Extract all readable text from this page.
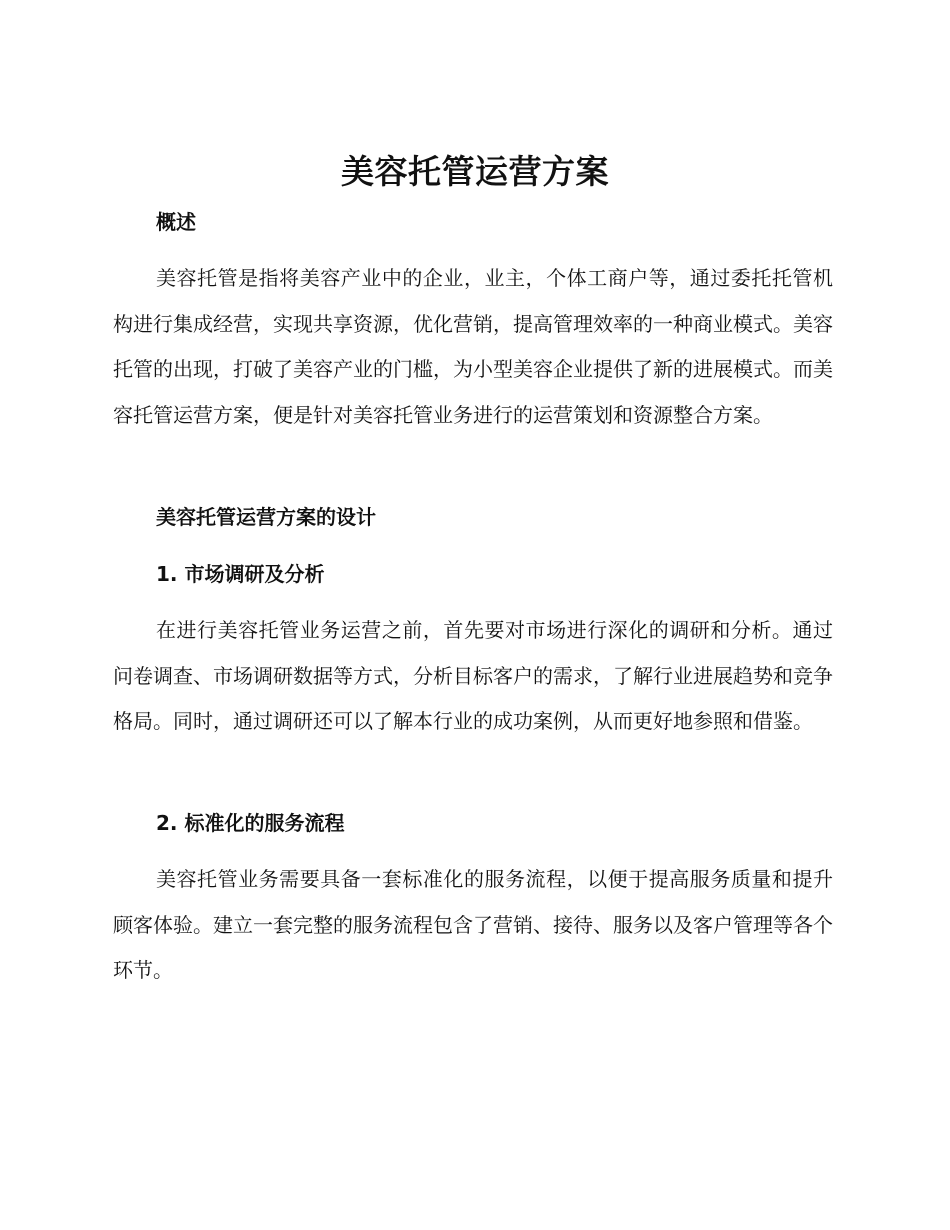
美容托管运营方案
概述

美容托管是指将美容产业中的企业，业主，个体工商户等，通过委托托管机构进行集成经营，实现共享资源，优化营销，提高管理效率的一种商业模式。美容托管的出现，打破了美容产业的门槛，为小型美容企业提供了新的进展模式。而美容托管运营方案，便是针对美容托管业务进行的运营策划和资源整合方案。

美容托管运营方案的设计
1. 市场调研及分析

在进行美容托管业务运营之前，首先要对市场进行深化的调研和分析。通过问卷调查、市场调研数据等方式，分析目标客户的需求，了解行业进展趋势和竞争格局。同时，通过调研还可以了解本行业的成功案例，从而更好地参照和借鉴。

2. 标准化的服务流程

美容托管业务需要具备一套标准化的服务流程，以便于提高服务质量和提升顾客体验。建立一套完整的服务流程包含了营销、接待、服务以及客户管理等各个环节。
